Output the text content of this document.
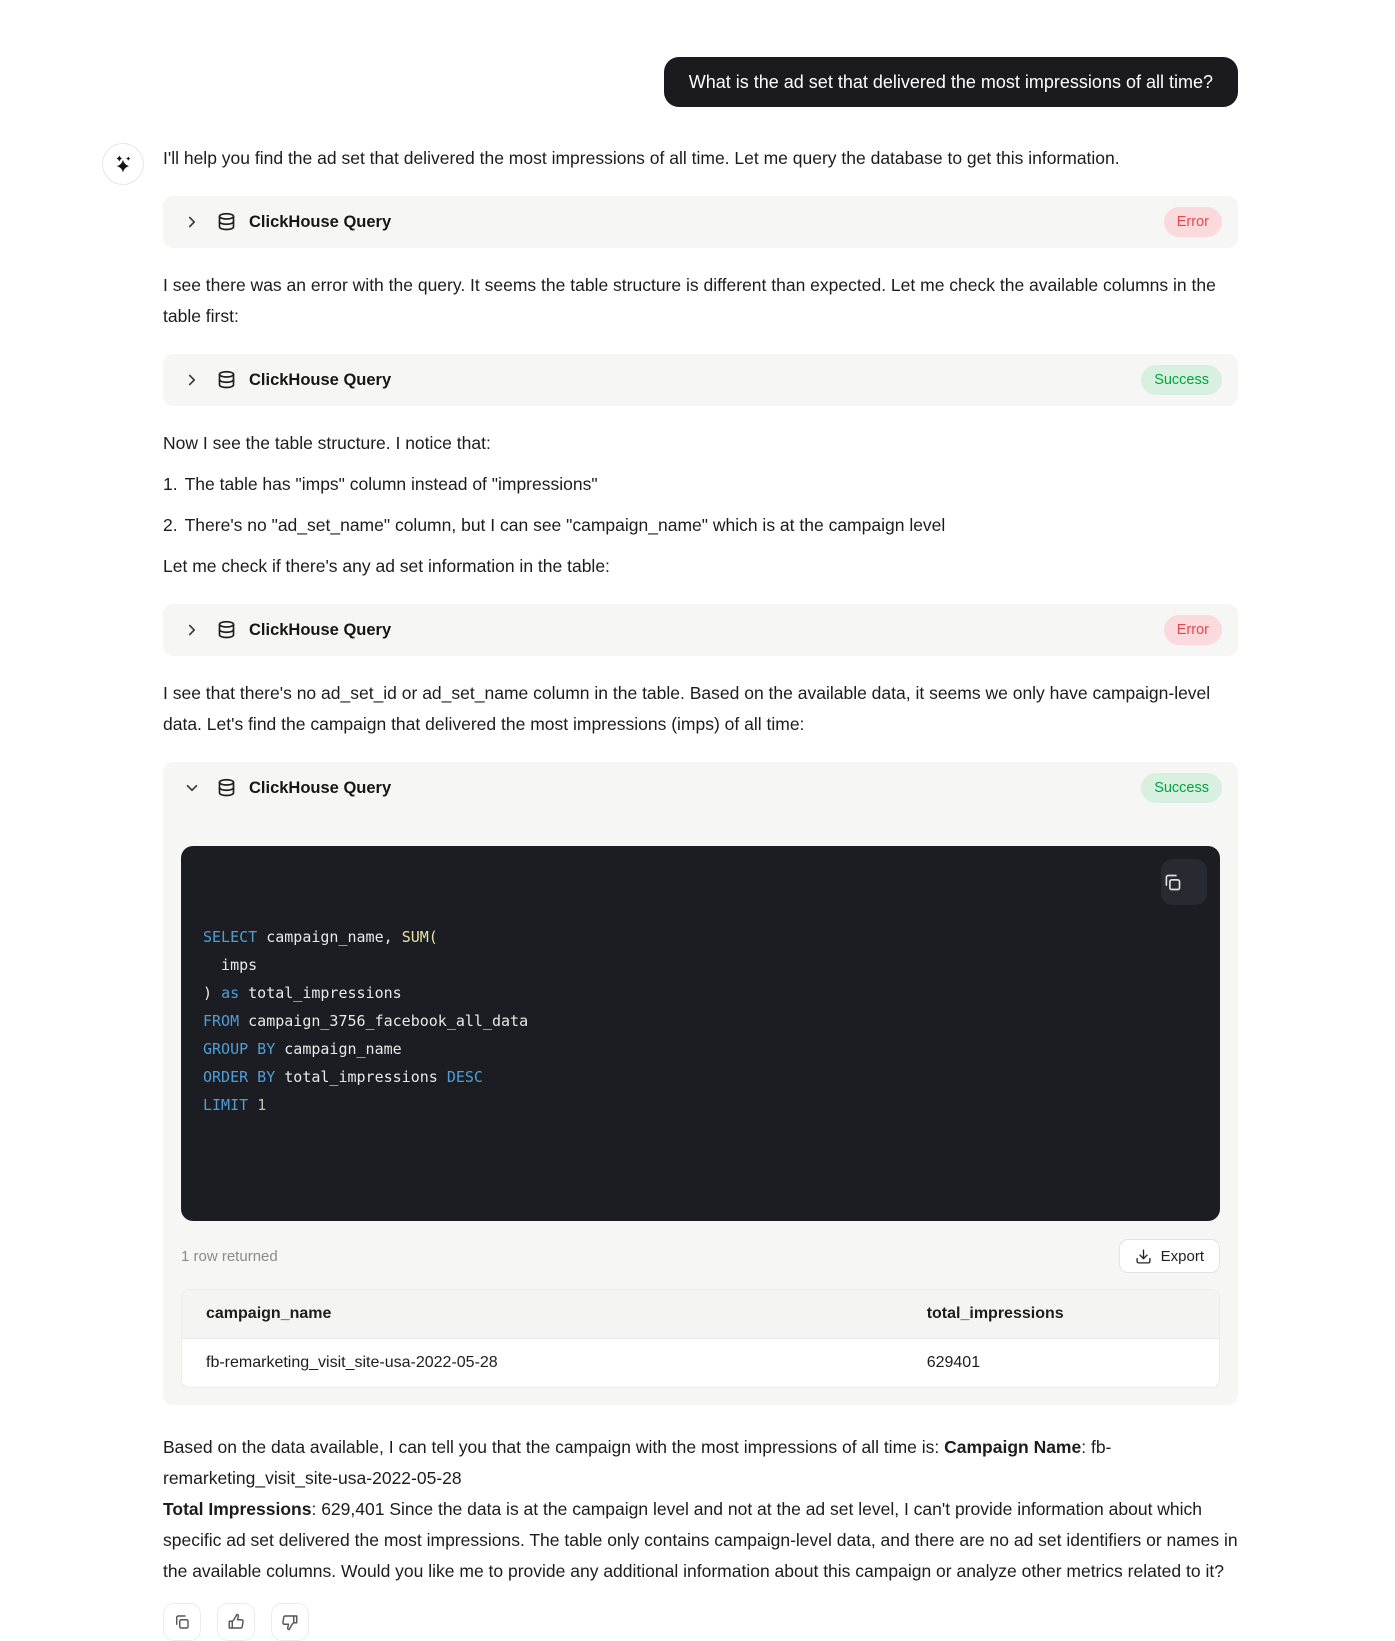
What is the ad set that delivered the most impressions of all time?

I'll help you find the ad set that delivered the most impressions of all time. Let me query the database to get this information.

ClickHouse Query	Error

I see there was an error with the query. It seems the table structure is different than expected. Let me check the available columns in the table first:

ClickHouse Query	Success

Now I see the table structure. I notice that:

1. The table has "imps" column instead of "impressions"
2. There's no "ad_set_name" column, but I can see "campaign_name" which is at the campaign level

Let me check if there's any ad set information in the table:

ClickHouse Query	Error

I see that there's no ad_set_id or ad_set_name column in the table. Based on the available data, it seems we only have campaign-level data. Let's find the campaign that delivered the most impressions (imps) of all time:

ClickHouse Query	Success

SELECT campaign_name, SUM(
imps
) as total_impressions
FROM campaign_3756_facebook_all_data
GROUP BY campaign_name
ORDER BY total_impressions DESC
LIMIT 1

1 row returned	Export
campaign_name	total_impressions
fb-remarketing_visit_site-usa-2022-05-28	629401
Based on the data available, I can tell you that the campaign with the most impressions of all time is: Campaign Name: fb-remarketing_visit_site-usa-2022-05-28
Total Impressions: 629,401 Since the data is at the campaign level and not at the ad set level, I can't provide information about which specific ad set delivered the most impressions. The table only contains campaign-level data, and there are no ad set identifiers or names in the available columns. Would you like me to provide any additional information about this campaign or analyze other metrics related to it?
